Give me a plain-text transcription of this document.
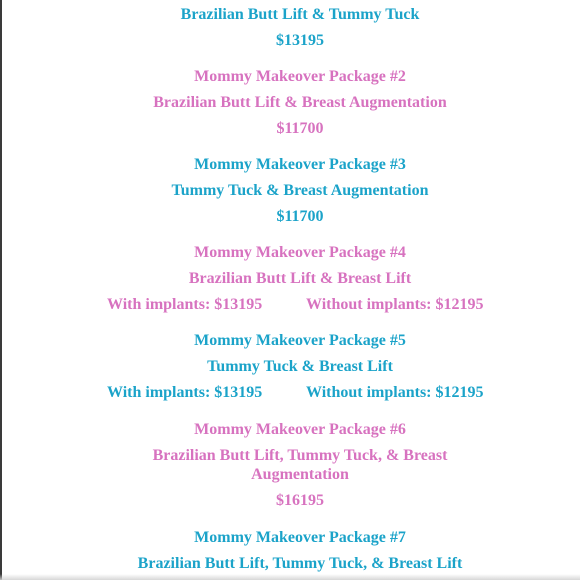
Brazilian Butt Lift & Tummy Tuck
$13195
Mommy Makeover Package #2
Brazilian Butt Lift & Breast Augmentation
$11700
Mommy Makeover Package #3
Tummy Tuck & Breast Augmentation
$11700
Mommy Makeover Package #4
Brazilian Butt Lift & Breast Lift
With implants: $13195	Without implants: $12195
Mommy Makeover Package #5
Tummy Tuck & Breast Lift
With implants: $13195	Without implants: $12195
Mommy Makeover Package #6
Brazilian Butt Lift, Tummy Tuck, & Breast
Augmentation
$16195
Mommy Makeover Package #7
Brazilian Butt Lift, Tummy Tuck, & Breast Lift
